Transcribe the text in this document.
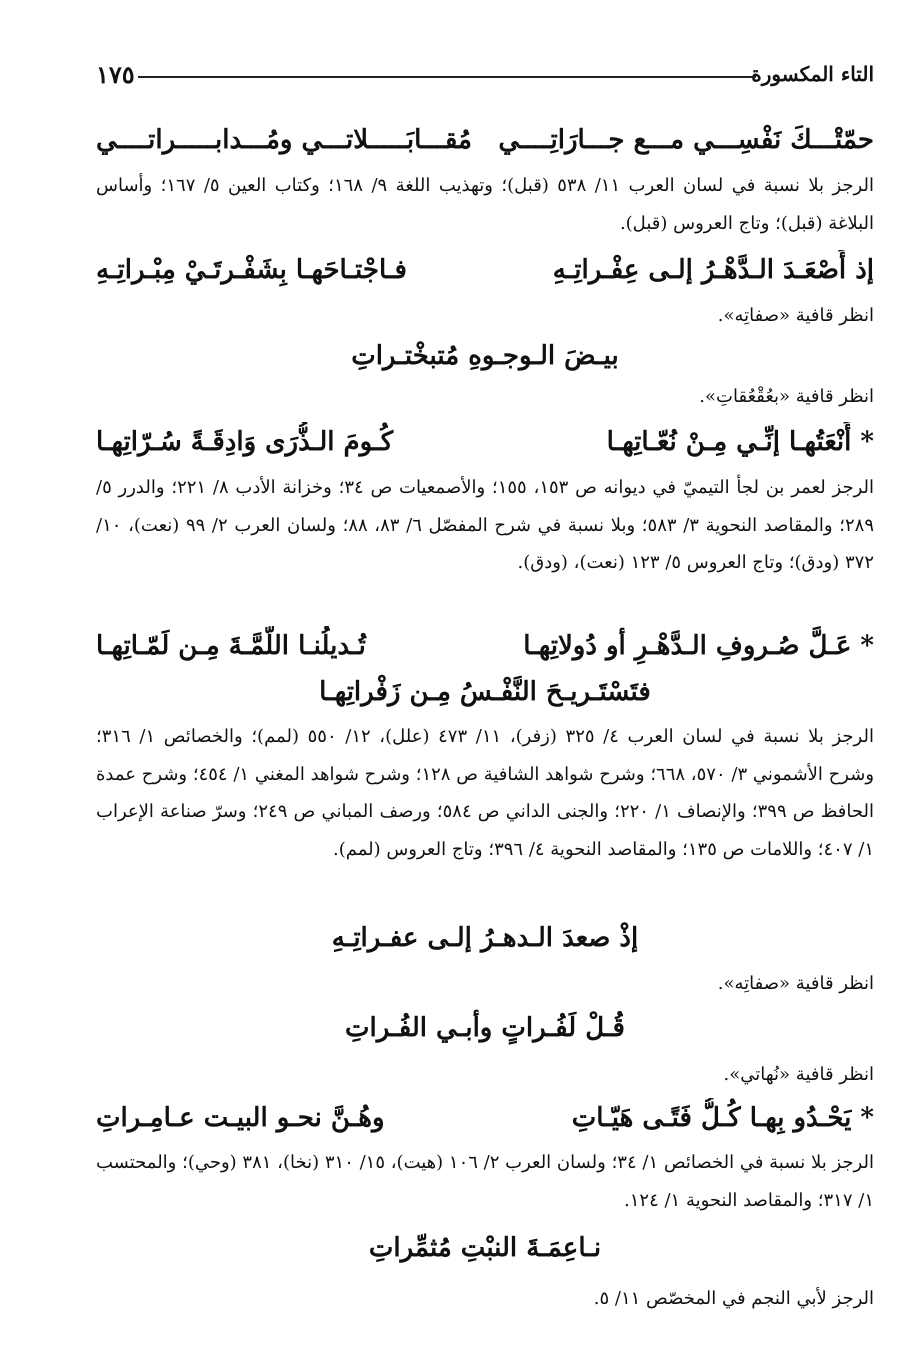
التاء المكسورة
١٧٥
حمّتْـــكَ نَفْسِـــي مـــع جـــارَاتِــــي
مُقـــابَـــــلاتـــي ومُـــدابـــــراتــــي
الرجز بلا نسبة في لسان العرب ١١/ ٥٣٨ (قبل)؛ وتهذيب اللغة ٩/ ١٦٨؛ وكتاب العين ٥/ ١٦٧؛ وأساس البلاغة (قبل)؛ وتاج العروس (قبل).
إذ أَصْعَـدَ الـدَّهْـرُ إلـى عِفْـراتِـهِ
فـاجْتـاحَهـا بِشَفْـرتَـيْ مِبْـراتِـهِ
انظر قافية «صفاتِه».
بيـضَ الـوجـوهِ مُتبخْتـراتِ
انظر قافية «بعُقْعُقاتِ».
* أَنْعَتُهـا إنِّـي مِـنْ نُعّـاتِهـا
كُـومَ الـذُّرَى وَادِقَـةً سُـرّاتِهـا
الرجز لعمر بن لجأ التيميّ في ديوانه ص ١٥٣، ١٥٥؛ والأصمعيات ص ٣٤؛ وخزانة الأدب ٨/ ٢٢١؛ والدرر ٥/ ٢٨٩؛ والمقاصد النحوية ٣/ ٥٨٣؛ وبلا نسبة في شرح المفصّل ٦/ ٨٣، ٨٨؛ ولسان العرب ٢/ ٩٩ (نعت)، ١٠/ ٣٧٢ (ودق)؛ وتاج العروس ٥/ ١٢٣ (نعت)، (ودق).
* عَـلَّ صُـروفِ الـدَّهْـرِ أو دُولاتِهـا
تُـديلُنـا اللَّمَّـةَ مِـن لَمّـاتِهـا
فتَسْتَـريـحَ النَّفْـسُ مِـن زَفْراتِهـا
الرجز بلا نسبة في لسان العرب ٤/ ٣٢٥ (زفر)، ١١/ ٤٧٣ (علل)، ١٢/ ٥٥٠ (لمم)؛ والخصائص ١/ ٣١٦؛ وشرح الأشموني ٣/ ٥٧٠، ٦٦٨؛ وشرح شواهد الشافية ص ١٢٨؛ وشرح شواهد المغني ١/ ٤٥٤؛ وشرح عمدة الحافظ ص ٣٩٩؛ والإنصاف ١/ ٢٢٠؛ والجنى الداني ص ٥٨٤؛ ورصف المباني ص ٢٤٩؛ وسرّ صناعة الإعراب ١/ ٤٠٧؛ واللامات ص ١٣٥؛ والمقاصد النحوية ٤/ ٣٩٦؛ وتاج العروس (لمم).
إذْ صعدَ الـدهـرُ إلـى عفـراتِـهِ
انظر قافية «صفاتِه».
قُـلْ لَفُـراتٍ وأبـي الفُـراتِ
انظر قافية «نُهاتي».
* يَحْـدُو بِهـا كُـلُّ فَتًـى هَيّـاتِ
وهُـنَّ نحـو البيـت عـامِـراتِ
الرجز بلا نسبة في الخصائص ١/ ٣٤؛ ولسان العرب ٢/ ١٠٦ (هيت)، ١٥/ ٣١٠ (نخا)، ٣٨١ (وحي)؛ والمحتسب ١/ ٣١٧؛ والمقاصد النحوية ١/ ١٢٤.
نـاعِمَـةَ النبْتِ مُثمِّراتِ
الرجز لأبي النجم في المخصّص ١١/ ٥.
